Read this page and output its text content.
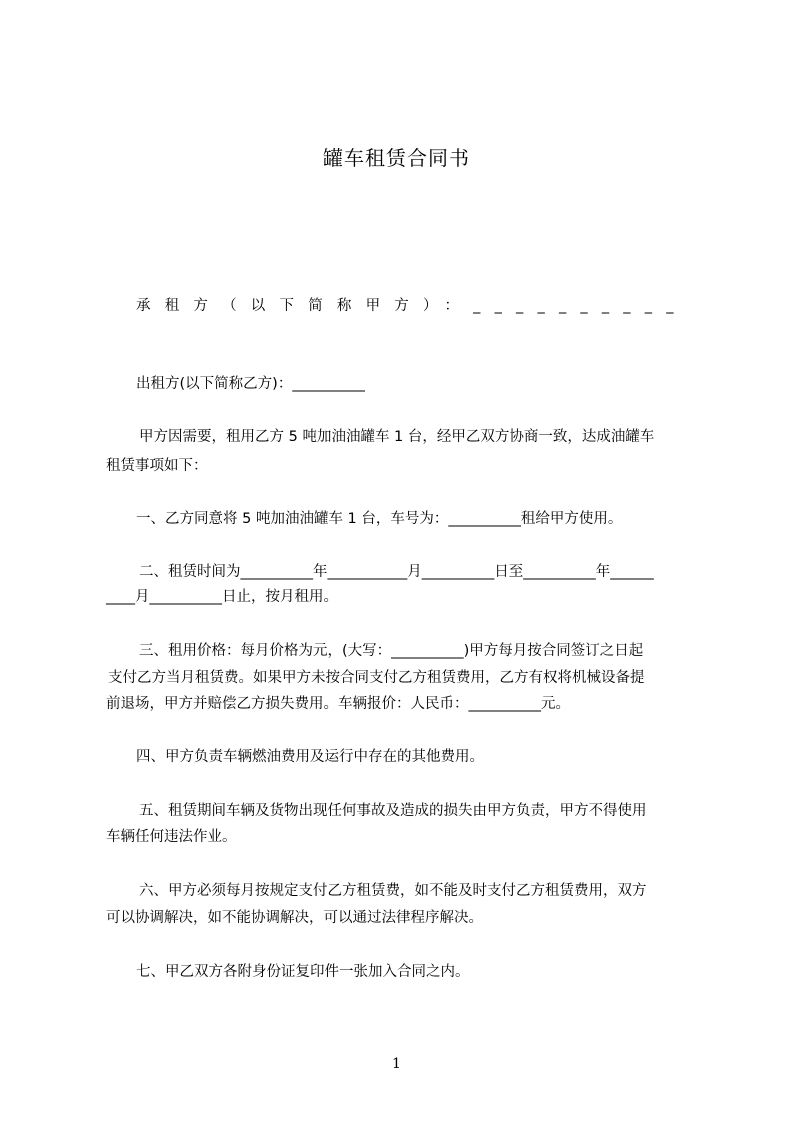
罐车租赁合同书
承租方（以下简称甲方）：__________
出租方(以下简称乙方)：__________
甲方因需要，租用乙方 5 吨加油油罐车 1 台，经甲乙双方协商一致，达成油罐车
租赁事项如下：
一、乙方同意将 5 吨加油油罐车 1 台，车号为：__________租给甲方使用。
二、租赁时间为__________年___________月__________日至__________年______
____月__________日止，按月租用。
三、租用价格：每月价格为元，(大写：__________)甲方每月按合同签订之日起
支付乙方当月租赁费。如果甲方未按合同支付乙方租赁费用，乙方有权将机械设备提
前退场，甲方并赔偿乙方损失费用。车辆报价：人民币：__________元。
四、甲方负责车辆燃油费用及运行中存在的其他费用。
五、租赁期间车辆及货物出现任何事故及造成的损失由甲方负责，甲方不得使用
车辆任何违法作业。
六、甲方必须每月按规定支付乙方租赁费，如不能及时支付乙方租赁费用，双方
可以协调解决，如不能协调解决，可以通过法律程序解决。
七、甲乙双方各附身份证复印件一张加入合同之内。
1
